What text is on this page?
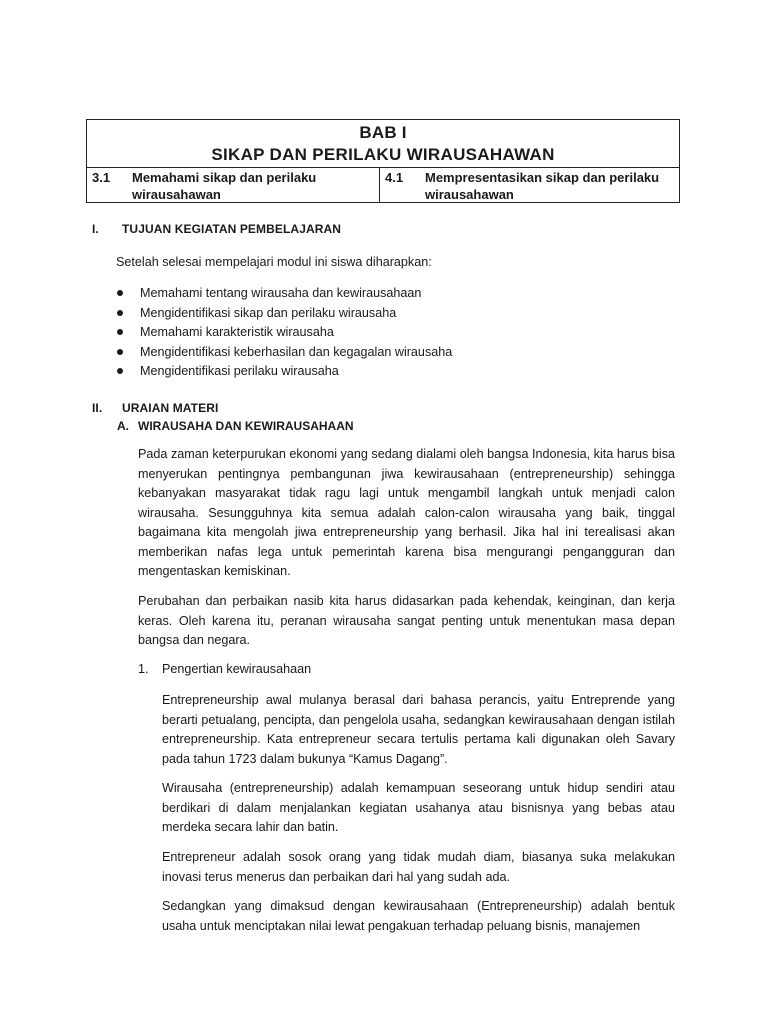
BAB I
SIKAP DAN PERILAKU WIRAUSAHAWAN
3.1	Memahami sikap dan perilaku wirausahawan
4.1	Mempresentasikan sikap dan perilaku wirausahawan
I. TUJUAN KEGIATAN PEMBELAJARAN
Setelah selesai mempelajari modul ini siswa diharapkan:
Memahami tentang wirausaha dan kewirausahaan
Mengidentifikasi sikap dan perilaku wirausaha
Memahami karakteristik wirausaha
Mengidentifikasi keberhasilan dan kegagalan wirausaha
Mengidentifikasi perilaku wirausaha
II. URAIAN MATERI
A. WIRAUSAHA DAN KEWIRAUSAHAAN

Pada zaman keterpurukan ekonomi yang sedang dialami oleh bangsa Indonesia, kita harus bisa menyerukan pentingnya pembangunan jiwa kewirausahaan (entrepreneurship) sehingga kebanyakan masyarakat tidak ragu lagi untuk mengambil langkah untuk menjadi calon wirausaha. Sesungguhnya kita semua adalah calon-calon wirausaha yang baik, tinggal bagaimana kita mengolah jiwa entrepreneurship yang berhasil. Jika hal ini terealisasi akan memberikan nafas lega untuk pemerintah karena bisa mengurangi pengangguran dan mengentaskan kemiskinan.

Perubahan dan perbaikan nasib kita harus didasarkan pada kehendak, keinginan, dan kerja keras. Oleh karena itu, peranan wirausaha sangat penting untuk menentukan masa depan bangsa dan negara.

1. Pengertian kewirausahaan

Entrepreneurship awal mulanya berasal dari bahasa perancis, yaitu Entreprende yang berarti petualang, pencipta, dan pengelola usaha, sedangkan kewirausahaan dengan istilah entrepreneurship. Kata entrepreneur secara tertulis pertama kali digunakan oleh Savary pada tahun 1723 dalam bukunya “Kamus Dagang”.

Wirausaha (entrepreneurship) adalah kemampuan seseorang untuk hidup sendiri atau berdikari di dalam menjalankan kegiatan usahanya atau bisnisnya yang bebas atau merdeka secara lahir dan batin.

Entrepreneur adalah sosok orang yang tidak mudah diam, biasanya suka melakukan inovasi terus menerus dan perbaikan dari hal yang sudah ada.

Sedangkan yang dimaksud dengan kewirausahaan (Entrepreneurship) adalah bentuk usaha untuk menciptakan nilai lewat pengakuan terhadap peluang bisnis, manajemen
